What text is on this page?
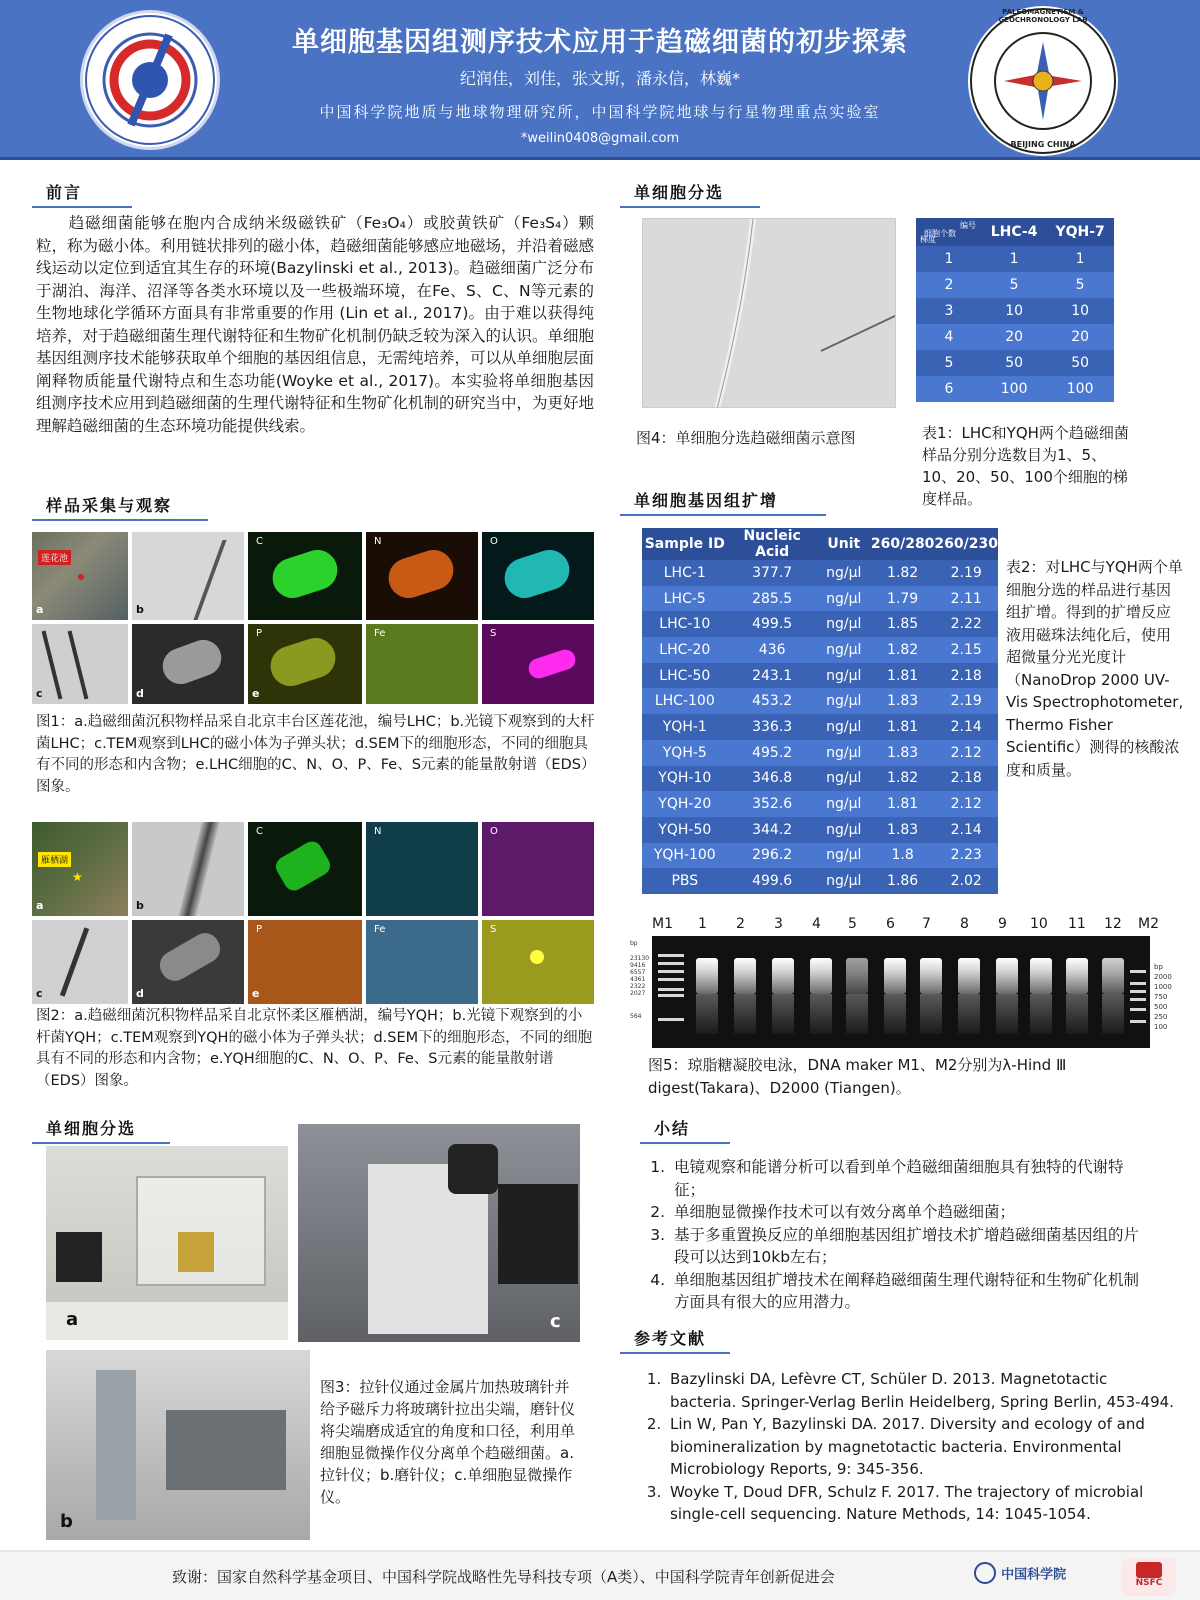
单细胞基因组测序技术应用于趋磁细菌的初步探索
纪润佳，刘佳，张文斯，潘永信，林巍*
中国科学院地质与地球物理研究所，中国科学院地球与行星物理重点实验室
*weilin0408@gmail.com
PALEOMAGNETISM & GEOCHRONOLOGY LAB
BEIJING CHINA
前言
　　趋磁细菌能够在胞内合成纳米级磁铁矿（Fe₃O₄）或胶黄铁矿（Fe₃S₄）颗粒，称为磁小体。利用链状排列的磁小体，趋磁细菌能够感应地磁场，并沿着磁感线运动以定位到适宜其生存的环境(Bazylinski et al., 2013)。趋磁细菌广泛分布于湖泊、海洋、沼泽等各类水环境以及一些极端环境，在Fe、S、C、N等元素的生物地球化学循环方面具有非常重要的作用 (Lin et al., 2017)。由于难以获得纯培养，对于趋磁细菌生理代谢特征和生物矿化机制仍缺乏较为深入的认识。单细胞基因组测序技术能够获取单个细胞的基因组信息，无需纯培养，可以从单细胞层面阐释物质能量代谢特点和生态功能(Woyke et al., 2017)。本实验将单细胞基因组测序技术应用到趋磁细菌的生理代谢特征和生物矿化机制的研究当中，为更好地理解趋磁细菌的生态环境功能提供线索。
样品采集与观察
莲花池
a	b
C	N	O
c	d
P
e
Fe	S
图1：a.趋磁细菌沉积物样品采自北京丰台区莲花池，编号LHC；b.光镜下观察到的大杆菌LHC；c.TEM观察到LHC的磁小体为子弹头状；d.SEM下的细胞形态，不同的细胞具有不同的形态和内含物；e.LHC细胞的C、N、O、P、Fe、S元素的能量散射谱（EDS）图象。
雁栖湖
★
a	b
C	N	O
c	d
P
e
Fe	S
图2：a.趋磁细菌沉积物样品采自北京怀柔区雁栖湖，编号YQH；b.光镜下观察到的小杆菌YQH；c.TEM观察到YQH的磁小体为子弹头状；d.SEM下的细胞形态，不同的细胞具有不同的形态和内含物；e.YQH细胞的C、N、O、P、Fe、S元素的能量散射谱（EDS）图象。
单细胞分选
a	c
b
图3：拉针仪通过金属片加热玻璃针并给予磁斥力将玻璃针拉出尖端，磨针仪将尖端磨成适宜的角度和口径，利用单细胞显微操作仪分离单个趋磁细菌。a.拉针仪；b.磨针仪；c.单细胞显微操作仪。
单细胞分选
图4：单细胞分选趋磁细菌示意图
编号
细胞个数
梯度	LHC-4	YQH-7
1	1	1
2	5	5
3	10	10
4	20	20
5	50	50
6	100	100
表1：LHC和YQH两个趋磁细菌样品分别分选数目为1、5、10、20、50、100个细胞的梯度样品。
单细胞基因组扩增
Sample ID	Nucleic Acid	Unit	260/280	260/230
LHC-1	377.7	ng/μl	1.82	2.19
LHC-5	285.5	ng/μl	1.79	2.11
LHC-10	499.5	ng/μl	1.85	2.22
LHC-20	436	ng/μl	1.82	2.15
LHC-50	243.1	ng/μl	1.81	2.18
LHC-100	453.2	ng/μl	1.83	2.19
YQH-1	336.3	ng/μl	1.81	2.14
YQH-5	495.2	ng/μl	1.83	2.12
YQH-10	346.8	ng/μl	1.82	2.18
YQH-20	352.6	ng/μl	1.81	2.12
YQH-50	344.2	ng/μl	1.83	2.14
YQH-100	296.2	ng/μl	1.8	2.23
PBS	499.6	ng/μl	1.86	2.02
表2：对LHC与YQH两个单细胞分选的样品进行基因组扩增。得到的扩增反应液用磁珠法纯化后，使用超微量分光光度计（NanoDrop 2000 UV-Vis Spectrophotometer, Thermo Fisher Scientific）测得的核酸浓度和质量。
M1 1 2 3 4 5 6 7 8 9 10 11 12 M2
bp
23130
9416
6557
4361
2322
2027
564
bp
2000
1000
750
500
250
100
图5：琼脂糖凝胶电泳，DNA maker M1、M2分别为λ-Hind Ⅲ digest(Takara)、D2000 (Tiangen)。
小结
1. 电镜观察和能谱分析可以看到单个趋磁细菌细胞具有独特的代谢特征；
2. 单细胞显微操作技术可以有效分离单个趋磁细菌；
3. 基于多重置换反应的单细胞基因组扩增技术扩增趋磁细菌基因组的片段可以达到10kb左右；
4. 单细胞基因组扩增技术在阐释趋磁细菌生理代谢特征和生物矿化机制方面具有很大的应用潜力。
参考文献
1. Bazylinski DA, Lefèvre CT, Schüler D. 2013. Magnetotactic bacteria. Springer-Verlag Berlin Heidelberg, Spring Berlin, 453-494.
2. Lin W, Pan Y, Bazylinski DA. 2017. Diversity and ecology of and biomineralization by magnetotactic bacteria. Environmental Microbiology Reports, 9: 345-356.
3. Woyke T, Doud DFR, Schulz F. 2017. The trajectory of microbial single-cell sequencing. Nature Methods, 14: 1045-1054.
致谢：国家自然科学基金项目、中国科学院战略性先导科技专项（A类）、中国科学院青年创新促进会	中国科学院
NSFC
